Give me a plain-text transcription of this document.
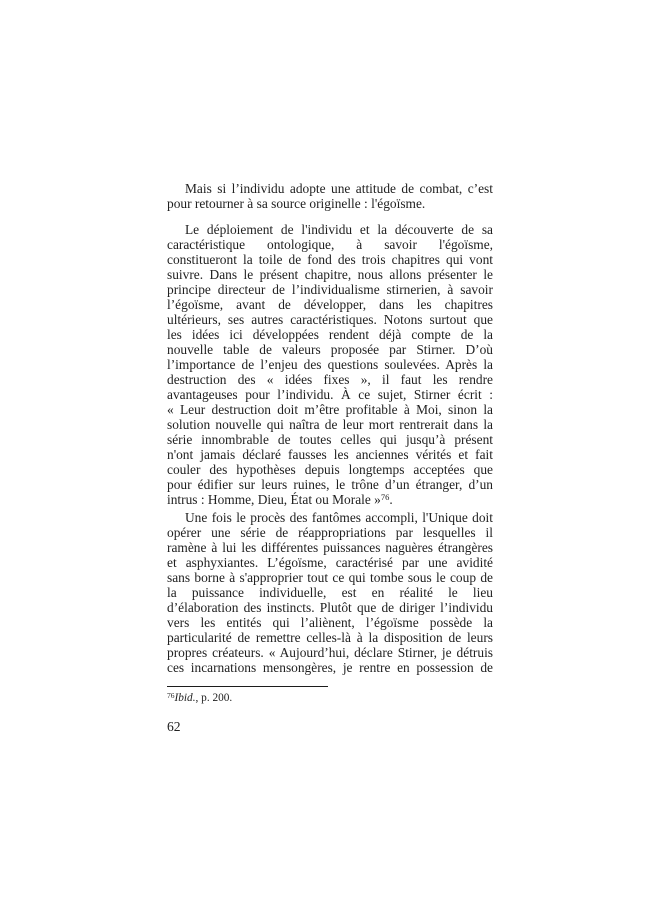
Mais si l’individu adopte une attitude de combat, c’est
pour retourner à sa source originelle : l'égoïsme.

Le déploiement de l'individu et la découverte de sa
caractéristique ontologique, à savoir l'égoïsme,
constitueront la toile de fond des trois chapitres qui vont
suivre. Dans le présent chapitre, nous allons présenter le
principe directeur de l’individualisme stirnerien, à savoir
l’égoïsme, avant de développer, dans les chapitres
ultérieurs, ses autres caractéristiques. Notons surtout que
les idées ici développées rendent déjà compte de la
nouvelle table de valeurs proposée par Stirner. D’où
l’importance de l’enjeu des questions soulevées. Après la
destruction des « idées fixes », il faut les rendre
avantageuses pour l’individu. À ce sujet, Stirner écrit :
« Leur destruction doit m’être profitable à Moi, sinon la
solution nouvelle qui naîtra de leur mort rentrerait dans la
série innombrable de toutes celles qui jusqu’à présent
n'ont jamais déclaré fausses les anciennes vérités et fait
couler des hypothèses depuis longtemps acceptées que
pour édifier sur leurs ruines, le trône d’un étranger, d’un
intrus : Homme, Dieu, État ou Morale »$^{76}$.

Une fois le procès des fantômes accompli, l'Unique doit
opérer une série de réappropriations par lesquelles il
ramène à lui les différentes puissances naguères étrangères
et asphyxiantes. L’égoïsme, caractérisé par une avidité
sans borne à s'approprier tout ce qui tombe sous le coup de
la puissance individuelle, est en réalité le lieu
d’élaboration des instincts. Plutôt que de diriger l’individu
vers les entités qui l’aliènent, l’égoïsme possède la
particularité de remettre celles-là à la disposition de leurs
propres créateurs. « Aujourd’hui, déclare Stirner, je détruis
ces incarnations mensongères, je rentre en possession de

$^{76}$Ibid., p. 200.

62
